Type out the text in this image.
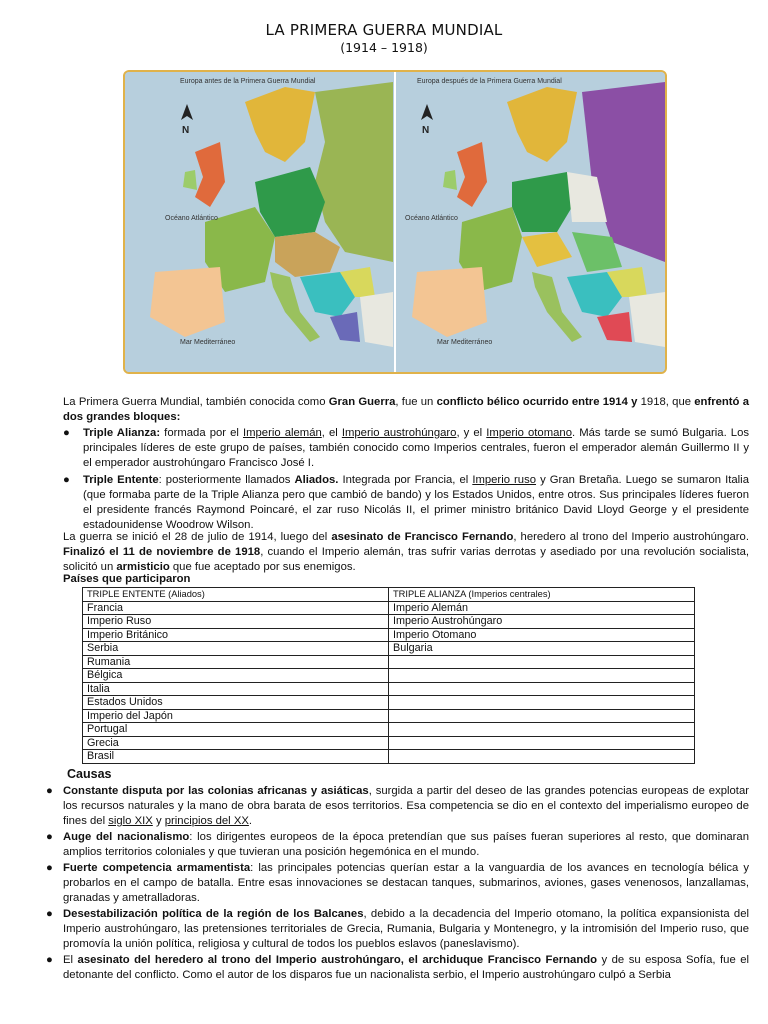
LA PRIMERA GUERRA MUNDIAL
(1914 – 1918)
Europa antes de la Primera Guerra Mundial
N
Océano Atlántico
Mar Mediterráneo
Europa después de la Primera Guerra Mundial
N
Océano Atlántico
Mar Mediterráneo
La Primera Guerra Mundial, también conocida como Gran Guerra, fue un conflicto bélico ocurrido entre 1914 y 1918, que enfrentó a dos grandes bloques:
● Triple Alianza: formada por el Imperio alemán, el Imperio austrohúngaro, y el Imperio otomano. Más tarde se sumó Bulgaria. Los principales líderes de este grupo de países, también conocido como Imperios centrales, fueron el emperador alemán Guillermo II y el emperador austrohúngaro Francisco José I.
● Triple Entente: posteriormente llamados Aliados. Integrada por Francia, el Imperio ruso y Gran Bretaña. Luego se sumaron Italia (que formaba parte de la Triple Alianza pero que cambió de bando) y los Estados Unidos, entre otros. Sus principales líderes fueron el presidente francés Raymond Poincaré, el zar ruso Nicolás II, el primer ministro británico David Lloyd George y el presidente estadounidense Woodrow Wilson.
La guerra se inició el 28 de julio de 1914, luego del asesinato de Francisco Fernando, heredero al trono del Imperio austrohúngaro. Finalizó el 11 de noviembre de 1918, cuando el Imperio alemán, tras sufrir varias derrotas y asediado por una revolución socialista, solicitó un armisticio que fue aceptado por sus enemigos.
Países que participaron
TRIPLE ENTENTE (Aliados)	TRIPLE ALIANZA (Imperios centrales)
Francia	Imperio Alemán
Imperio Ruso	Imperio Austrohúngaro
Imperio Británico	Imperio Otomano
Serbia	Bulgaria
Rumania	
Bélgica	
Italia	
Estados Unidos	
Imperio del Japón	
Portugal	
Grecia	
Brasil	
Causas
● Constante disputa por las colonias africanas y asiáticas, surgida a partir del deseo de las grandes potencias europeas de explotar los recursos naturales y la mano de obra barata de esos territorios. Esa competencia se dio en el contexto del imperialismo europeo de fines del siglo XIX y principios del XX.
● Auge del nacionalismo: los dirigentes europeos de la época pretendían que sus países fueran superiores al resto, que dominaran amplios territorios coloniales y que tuvieran una posición hegemónica en el mundo.
● Fuerte competencia armamentista: las principales potencias querían estar a la vanguardia de los avances en tecnología bélica y probarlos en el campo de batalla. Entre esas innovaciones se destacan tanques, submarinos, aviones, gases venenosos, lanzallamas, granadas y ametralladoras.
● Desestabilización política de la región de los Balcanes, debido a la decadencia del Imperio otomano, la política expansionista del Imperio austrohúngaro, las pretensiones territoriales de Grecia, Rumania, Bulgaria y Montenegro, y la intromisión del Imperio ruso, que promovía la unión política, religiosa y cultural de todos los pueblos eslavos (paneslavismo).
● El asesinato del heredero al trono del Imperio austrohúngaro, el archiduque Francisco Fernando y de su esposa Sofía, fue el detonante del conflicto. Como el autor de los disparos fue un nacionalista serbio, el Imperio austrohúngaro culpó a Serbia
